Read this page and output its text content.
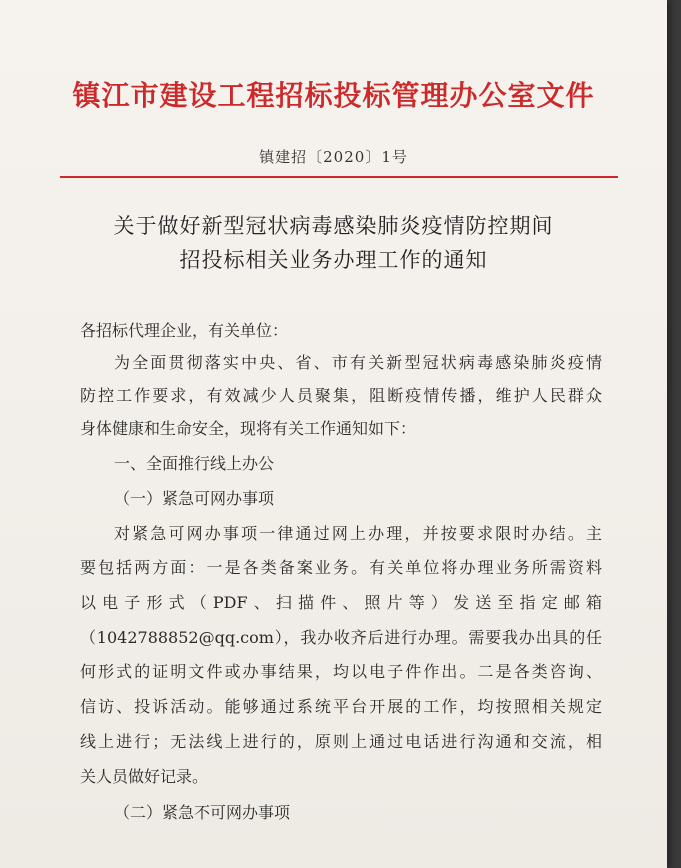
镇江市建设工程招标投标管理办公室文件
镇建招〔2020〕1号
关于做好新型冠状病毒感染肺炎疫情防控期间
招投标相关业务办理工作的通知
各招标代理企业，有关单位：
为全面贯彻落实中央、省、市有关新型冠状病毒感染肺炎疫情
防控工作要求，有效减少人员聚集，阻断疫情传播，维护人民群众
身体健康和生命安全，现将有关工作通知如下：
一、全面推行线上办公
（一）紧急可网办事项
对紧急可网办事项一律通过网上办理，并按要求限时办结。主
要包括两方面：一是各类备案业务。有关单位将办理业务所需资料
以电子形式（PDF、扫描件、照片等）发送至指定邮箱
（1042788852@qq.com），我办收齐后进行办理。需要我办出具的任
何形式的证明文件或办事结果，均以电子件作出。二是各类咨询、
信访、投诉活动。能够通过系统平台开展的工作，均按照相关规定
线上进行；无法线上进行的，原则上通过电话进行沟通和交流，相
关人员做好记录。
（二）紧急不可网办事项
